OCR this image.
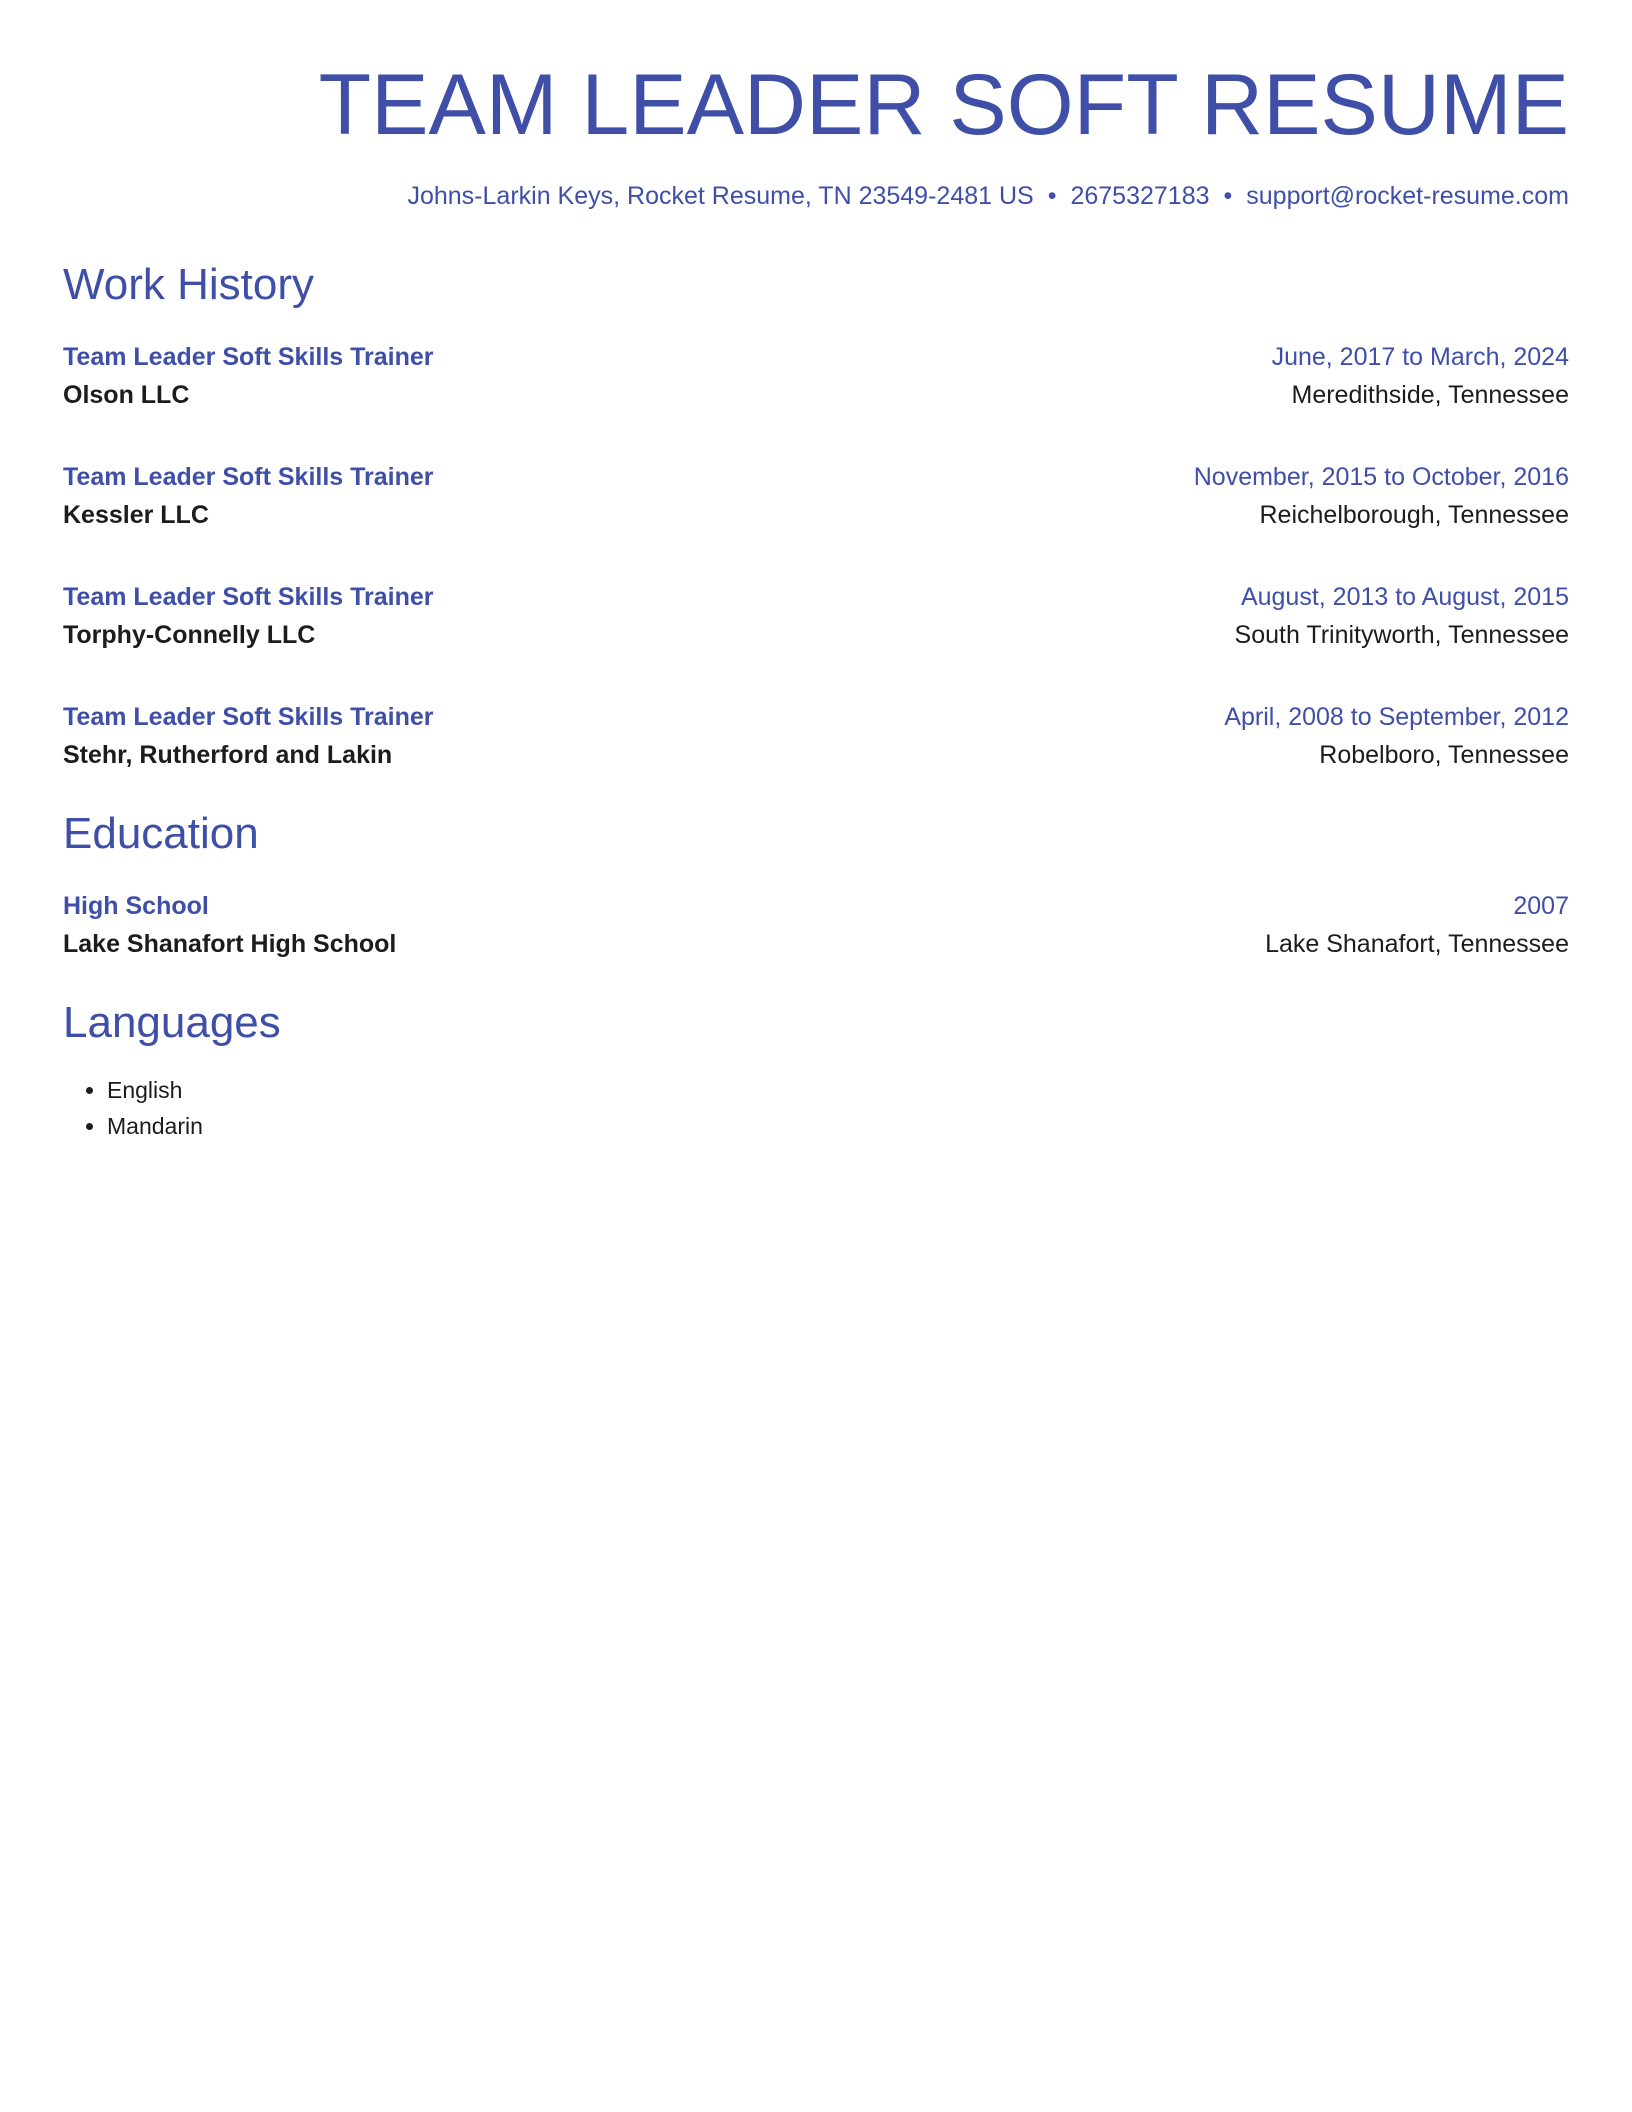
TEAM LEADER SOFT RESUME
Johns-Larkin Keys, Rocket Resume, TN 23549-2481 US • 2675327183 • support@rocket-resume.com
Work History
Team Leader Soft Skills Trainer	June, 2017 to March, 2024
Olson LLC	Meredithside, Tennessee
Team Leader Soft Skills Trainer	November, 2015 to October, 2016
Kessler LLC	Reichelborough, Tennessee
Team Leader Soft Skills Trainer	August, 2013 to August, 2015
Torphy-Connelly LLC	South Trinityworth, Tennessee
Team Leader Soft Skills Trainer	April, 2008 to September, 2012
Stehr, Rutherford and Lakin	Robelboro, Tennessee
Education
High School	2007
Lake Shanafort High School	Lake Shanafort, Tennessee
Languages
• English
• Mandarin
